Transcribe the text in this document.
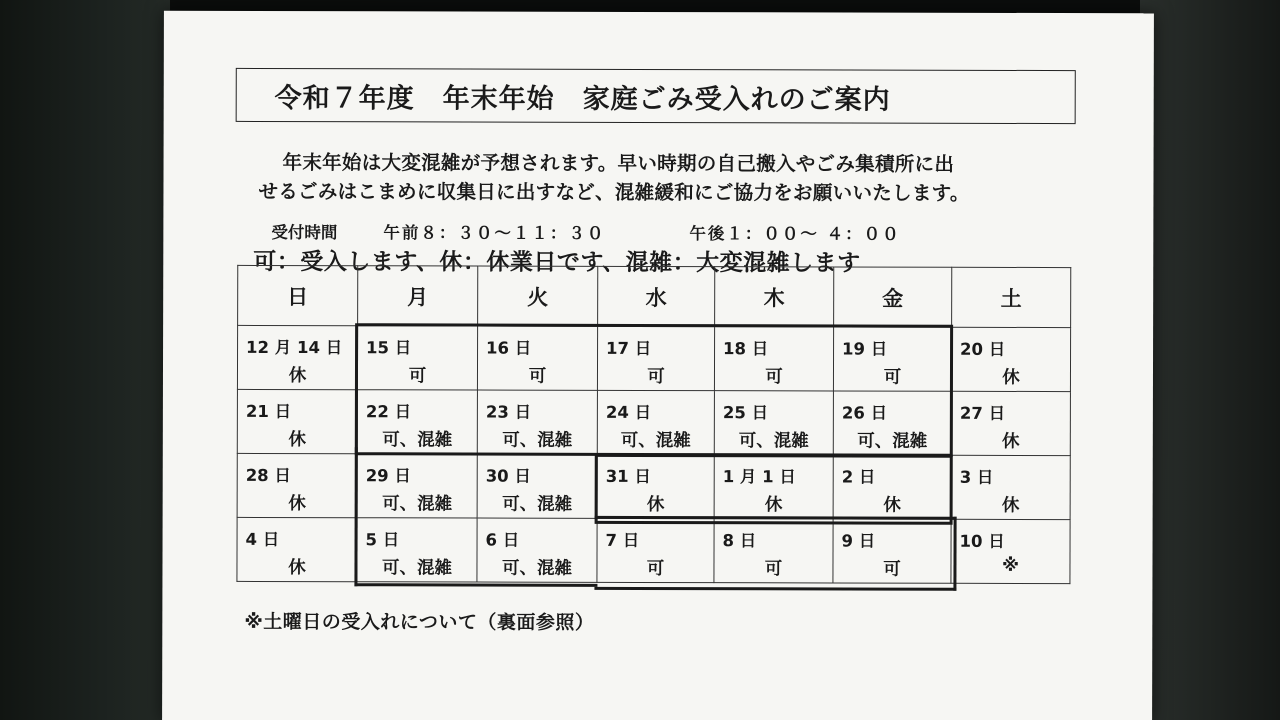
令和７年度　年末年始　家庭ごみ受入れのご案内
年末年始は大変混雑が予想されます。早い時期の自己搬入やごみ集積所に出
せるごみはこまめに収集日に出すなど、混雑緩和にご協力をお願いいたします。
受付時間	午前８：３０～１１：３０	午後１：００～ ４：００
可：受入します、休：休業日です、混雑：大変混雑します
日	月	火	水	木	金	土

12 月 14 日
休	15 日
可	16 日
可	17 日
可	18 日
可	19 日
可	20 日
休

21 日
休	22 日
可、混雑	23 日
可、混雑	24 日
可、混雑	25 日
可、混雑	26 日
可、混雑	27 日
休

28 日
休	29 日
可、混雑	30 日
可、混雑	31 日
休	1 月 1 日
休	2 日
休	3 日
休

4 日
休	5 日
可、混雑	6 日
可、混雑	7 日
可	8 日
可	9 日
可	10 日
※
※土曜日の受入れについて（裏面参照）
